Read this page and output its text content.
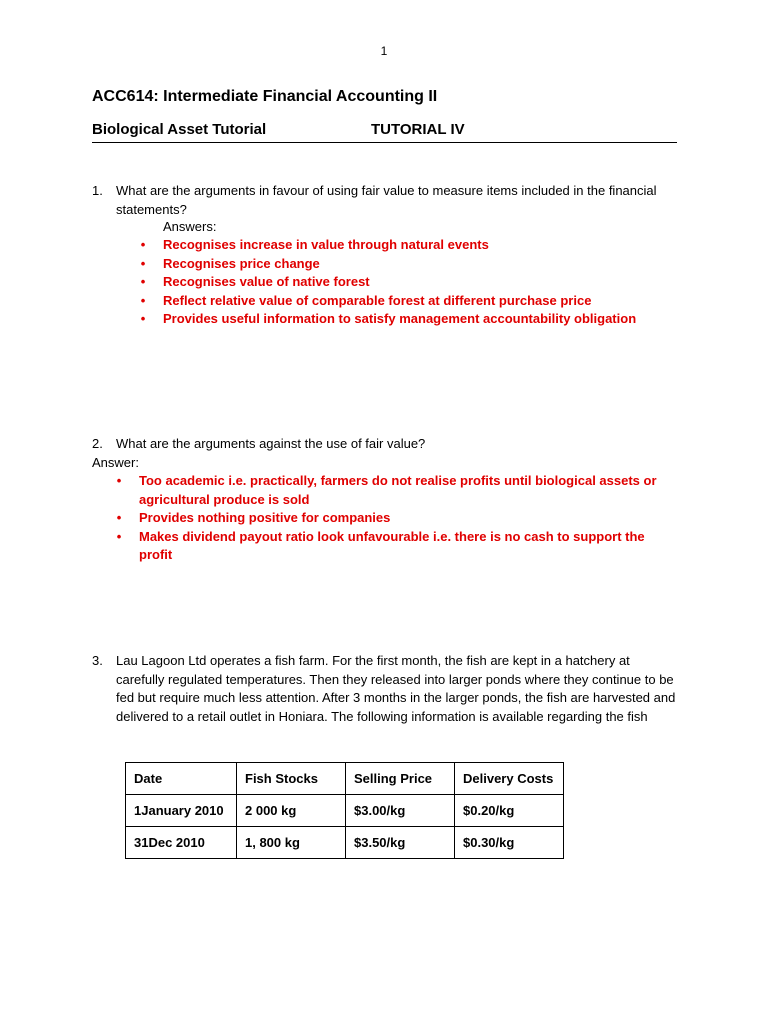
1
ACC614: Intermediate Financial Accounting II
Biological Asset Tutorial	TUTORIAL IV
1. What are the arguments in favour of using fair value to measure items included in the financial statements?
Answers:
• Recognises increase in value through natural events
• Recognises price change
• Recognises value of native forest
• Reflect relative value of comparable forest at different purchase price
• Provides useful information to satisfy management accountability obligation
2. What are the arguments against the use of fair value?
Answer:
• Too academic i.e. practically, farmers do not realise profits until biological assets or agricultural produce is sold
• Provides nothing positive for companies
• Makes dividend payout ratio look unfavourable i.e. there is no cash to support the profit
3. Lau Lagoon Ltd operates a fish farm. For the first month, the fish are kept in a hatchery at carefully regulated temperatures. Then they released into larger ponds where they continue to be fed but require much less attention. After 3 months in the larger ponds, the fish are harvested and delivered to a retail outlet in Honiara. The following information is available regarding the fish
Date	Fish Stocks	Selling Price	Delivery Costs
1January 2010	2 000 kg	$3.00/kg	$0.20/kg
31Dec 2010	1, 800 kg	$3.50/kg	$0.30/kg
